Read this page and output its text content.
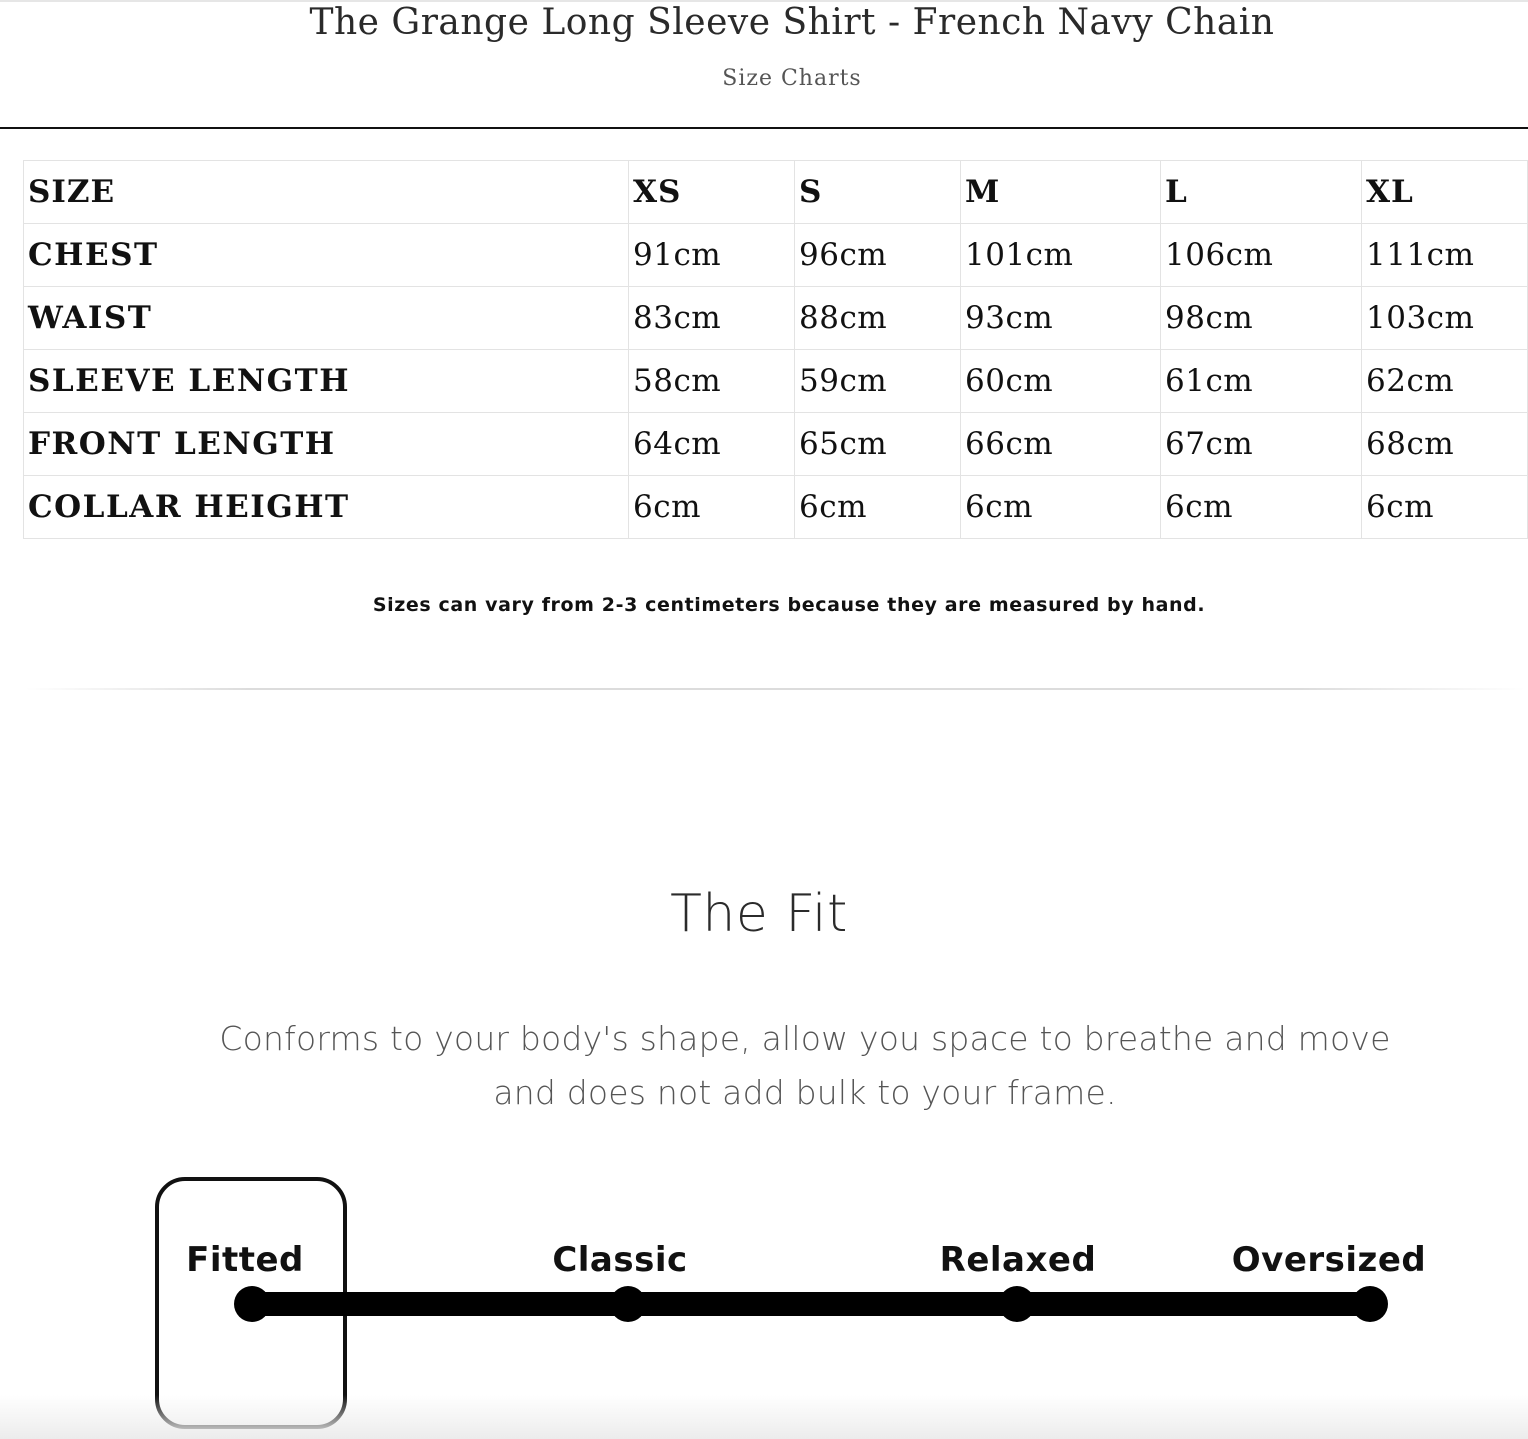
The Grange Long Sleeve Shirt - French Navy Chain
Size Charts
SIZE	XS	S	M	L	XL
CHEST	91cm	96cm	101cm	106cm	111cm
WAIST	83cm	88cm	93cm	98cm	103cm
SLEEVE LENGTH	58cm	59cm	60cm	61cm	62cm
FRONT LENGTH	64cm	65cm	66cm	67cm	68cm
COLLAR HEIGHT	6cm	6cm	6cm	6cm	6cm

Sizes can vary from 2-3 centimeters because they are measured by hand.

The Fit

Conforms to your body's shape, allow you space to breathe and move and does not add bulk to your frame.

Fitted	Classic	Relaxed	Oversized
